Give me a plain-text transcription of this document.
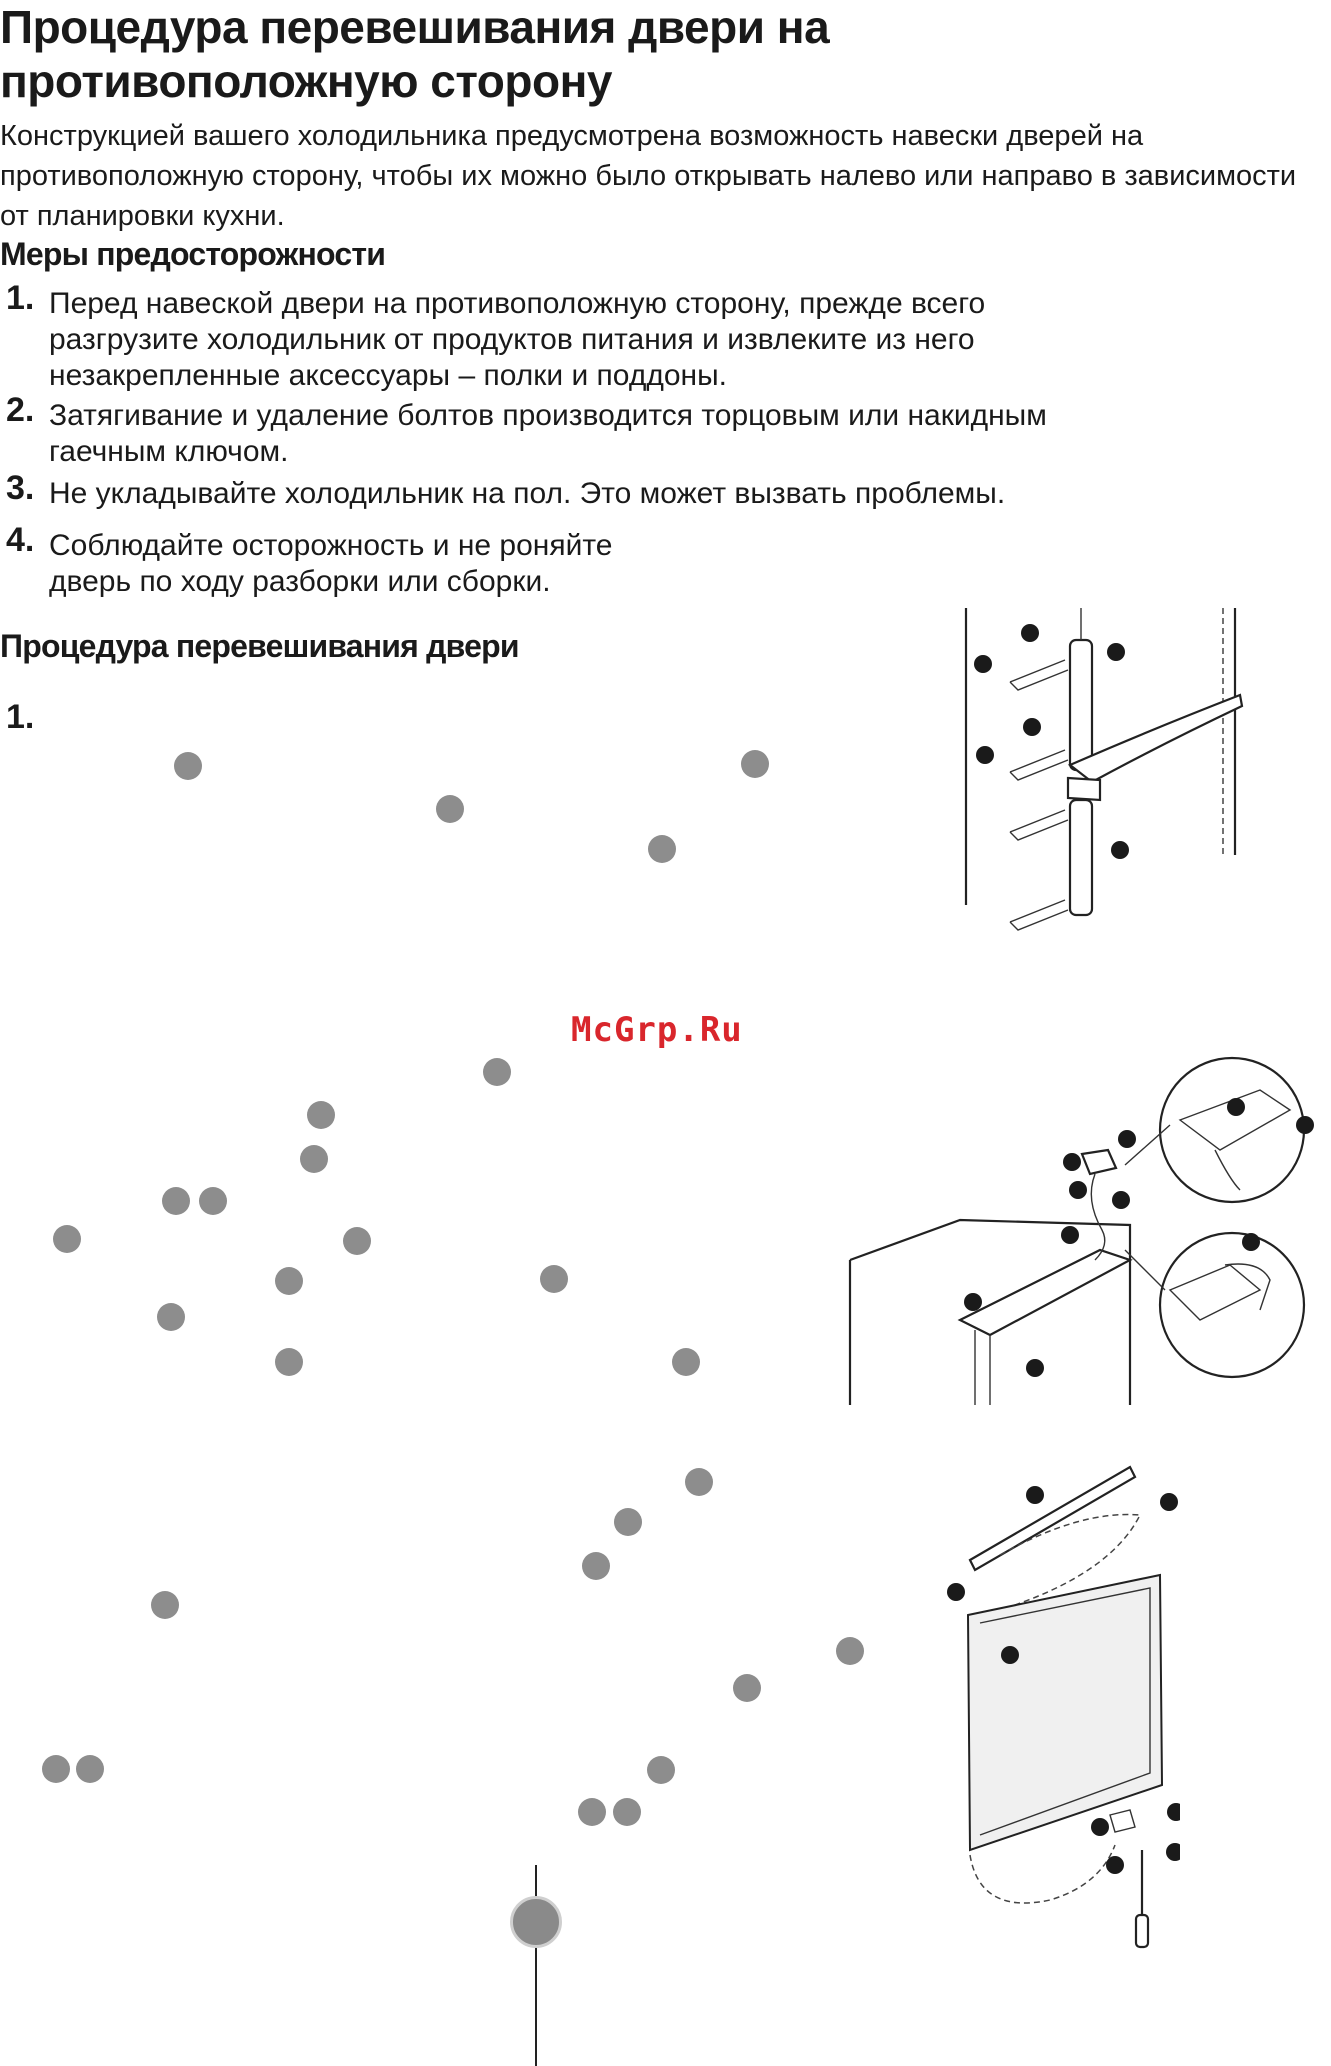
Процедура перевешивания двери на
противоположную сторону

Конструкцией вашего холодильника предусмотрена возможность навески дверей на противоположную сторону, чтобы их можно было открывать налево или направо в зависимости от планировки кухни.

Меры предосторожности
1. Перед навеской двери на противоположную сторону, прежде всего
разгрузите холодильник от продуктов питания и извлеките из него
незакрепленные аксессуары – полки и поддоны.
2. Затягивание и удаление болтов производится торцовым или накидным
гаечным ключом.
3. Не укладывайте холодильник на пол. Это может вызвать проблемы.
4. Соблюдайте осторожность и не роняйте
дверь по ходу разборки или сборки.
Процедура перевешивания двери
1.
McGrp.Ru
